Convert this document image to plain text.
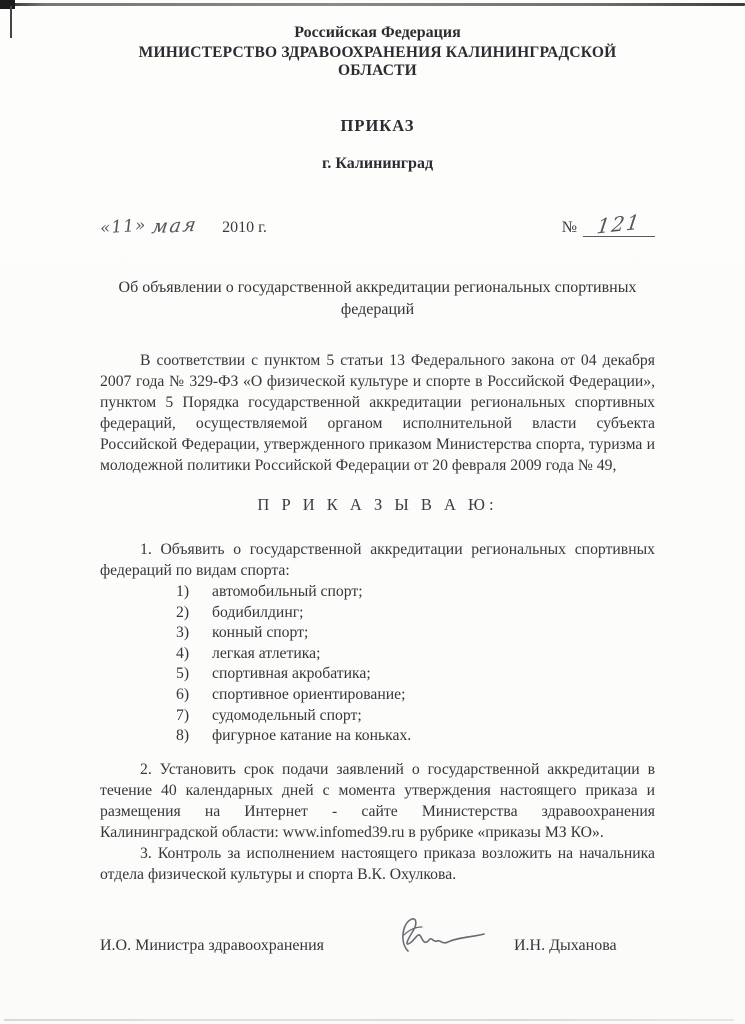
Российская Федерация
МИНИСТЕРСТВО ЗДРАВООХРАНЕНИЯ КАЛИНИНГРАДСКОЙ ОБЛАСТИ
ПРИКАЗ
г. Калининград
«11» мая 2010 г.	№ 121
Об объявлении о государственной аккредитации региональных спортивных федераций

В соответствии с пунктом 5 статьи 13 Федерального закона от 04 декабря 2007 года № 329-ФЗ «О физической культуре и спорте в Российской Федерации», пунктом 5 Порядка государственной аккредитации региональных спортивных федераций, осуществляемой органом исполнительной власти субъекта Российской Федерации, утвержденного приказом Министерства спорта, туризма и молодежной политики Российской Федерации от 20 февраля 2009 года № 49,

П Р И К А З Ы В А Ю:

1. Объявить о государственной аккредитации региональных спортивных федераций по видам спорта:

1) автомобильный спорт;
2) бодибилдинг;
3) конный спорт;
4) легкая атлетика;
5) спортивная акробатика;
6) спортивное ориентирование;
7) судомодельный спорт;
8) фигурное катание на коньках.

2. Установить срок подачи заявлений о государственной аккредитации в течение 40 календарных дней с момента утверждения настоящего приказа и размещения на Интернет - сайте Министерства здравоохранения Калининградской области: www.infomed39.ru в рубрике «приказы МЗ КО».

3. Контроль за исполнением настоящего приказа возложить на начальника отдела физической культуры и спорта В.К. Охулкова.

И.О. Министра здравоохранения	И.Н. Дыханова
